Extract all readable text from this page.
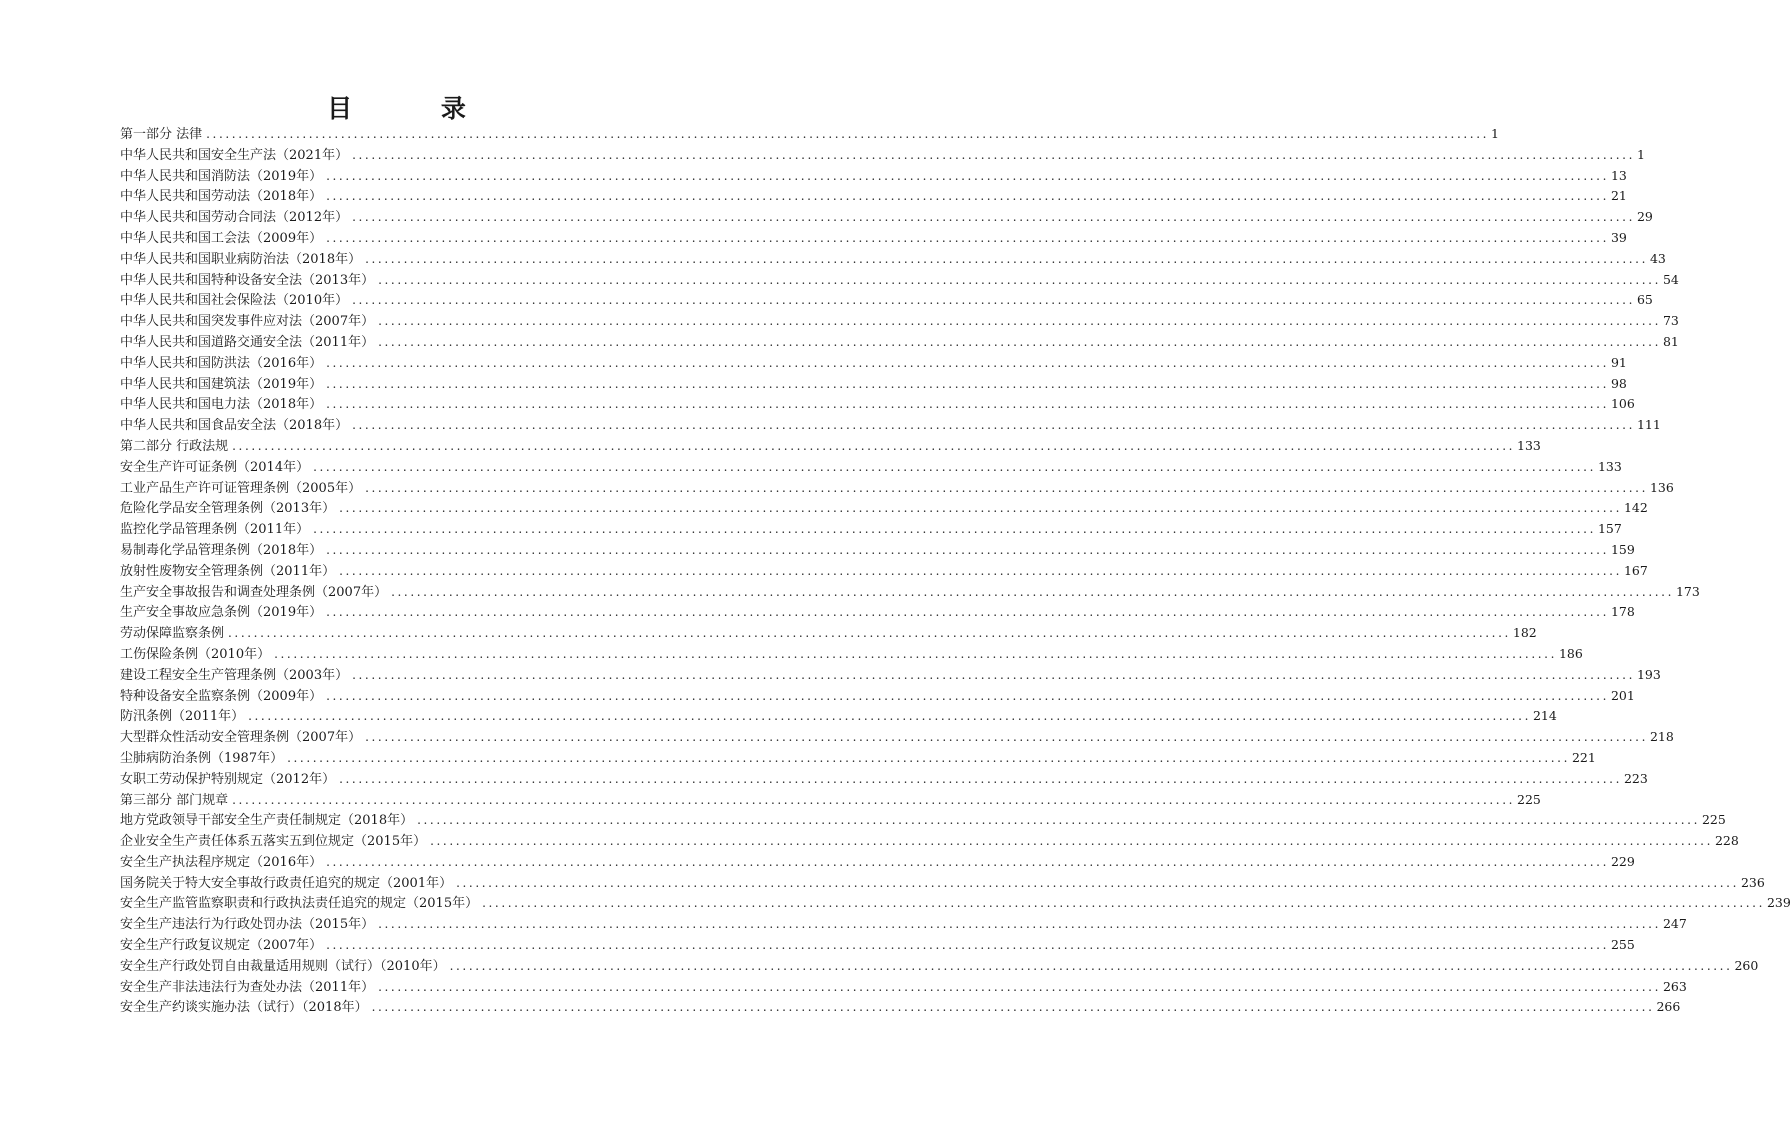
目 录
第一部分 法律 ........................................................................................................................................................................................................ 1
中华人民共和国安全生产法（2021年） ........................................................................................................................................................................................................ 1
中华人民共和国消防法（2019年） ........................................................................................................................................................................................................ 13
中华人民共和国劳动法（2018年） ........................................................................................................................................................................................................ 21
中华人民共和国劳动合同法（2012年） ........................................................................................................................................................................................................ 29
中华人民共和国工会法（2009年） ........................................................................................................................................................................................................ 39
中华人民共和国职业病防治法（2018年） ........................................................................................................................................................................................................ 43
中华人民共和国特种设备安全法（2013年） ........................................................................................................................................................................................................ 54
中华人民共和国社会保险法（2010年） ........................................................................................................................................................................................................ 65
中华人民共和国突发事件应对法（2007年） ........................................................................................................................................................................................................ 73
中华人民共和国道路交通安全法（2011年） ........................................................................................................................................................................................................ 81
中华人民共和国防洪法（2016年） ........................................................................................................................................................................................................ 91
中华人民共和国建筑法（2019年） ........................................................................................................................................................................................................ 98
中华人民共和国电力法（2018年） ........................................................................................................................................................................................................ 106
中华人民共和国食品安全法（2018年） ........................................................................................................................................................................................................ 111
第二部分 行政法规 ........................................................................................................................................................................................................ 133
安全生产许可证条例（2014年） ........................................................................................................................................................................................................ 133
工业产品生产许可证管理条例（2005年） ........................................................................................................................................................................................................ 136
危险化学品安全管理条例（2013年） ........................................................................................................................................................................................................ 142
监控化学品管理条例（2011年） ........................................................................................................................................................................................................ 157
易制毒化学品管理条例（2018年） ........................................................................................................................................................................................................ 159
放射性废物安全管理条例（2011年） ........................................................................................................................................................................................................ 167
生产安全事故报告和调查处理条例（2007年） ........................................................................................................................................................................................................ 173
生产安全事故应急条例（2019年） ........................................................................................................................................................................................................ 178
劳动保障监察条例 ........................................................................................................................................................................................................ 182
工伤保险条例（2010年） ........................................................................................................................................................................................................ 186
建设工程安全生产管理条例（2003年） ........................................................................................................................................................................................................ 193
特种设备安全监察条例（2009年） ........................................................................................................................................................................................................ 201
防汛条例（2011年） ........................................................................................................................................................................................................ 214
大型群众性活动安全管理条例（2007年） ........................................................................................................................................................................................................ 218
尘肺病防治条例（1987年） ........................................................................................................................................................................................................ 221
女职工劳动保护特别规定（2012年） ........................................................................................................................................................................................................ 223
第三部分 部门规章 ........................................................................................................................................................................................................ 225
地方党政领导干部安全生产责任制规定（2018年） ........................................................................................................................................................................................................ 225
企业安全生产责任体系五落实五到位规定（2015年） ........................................................................................................................................................................................................ 228
安全生产执法程序规定（2016年） ........................................................................................................................................................................................................ 229
国务院关于特大安全事故行政责任追究的规定（2001年） ........................................................................................................................................................................................................ 236
安全生产监管监察职责和行政执法责任追究的规定（2015年） ........................................................................................................................................................................................................ 239
安全生产违法行为行政处罚办法（2015年） ........................................................................................................................................................................................................ 247
安全生产行政复议规定（2007年） ........................................................................................................................................................................................................ 255
安全生产行政处罚自由裁量适用规则（试行）（2010年） ........................................................................................................................................................................................................ 260
安全生产非法违法行为查处办法（2011年） ........................................................................................................................................................................................................ 263
安全生产约谈实施办法（试行）（2018年） ........................................................................................................................................................................................................ 266
